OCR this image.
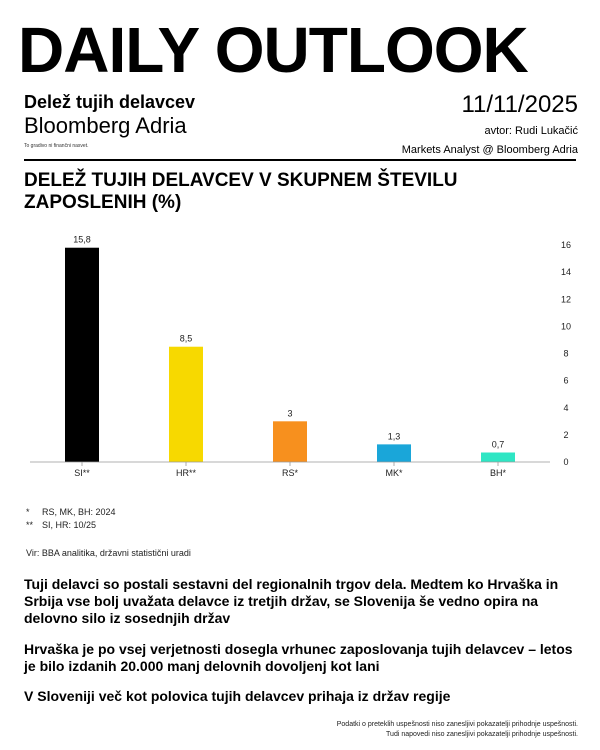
DAILY OUTLOOK
Delež tujih delavcev
Bloomberg Adria
To gradivo ni finančni nasvet.
11/11/2025
avtor: Rudi Lukačić
Markets Analyst @ Bloomberg Adria
DELEŽ TUJIH DELAVCEV V SKUPNEM ŠTEVILU ZAPOSLENIH (%)
0
2
4
6
8
10
12
14
16
15,8
SI**
8,5
HR**
3
RS*
1,3
MK*
0,7
BH*
*	RS, MK, BH: 2024
** SI, HR: 10/25
Vir: BBA analitika, državni statistični uradi
Tuji delavci so postali sestavni del regionalnih trgov dela. Medtem ko Hrvaška in Srbija vse bolj uvažata delavce iz tretjih držav, se Slovenija še vedno opira na delovno silo iz sosednjih držav
Hrvaška je po vsej verjetnosti dosegla vrhunec zaposlovanja tujih delavcev – letos je bilo izdanih 20.000 manj delovnih dovoljenj kot lani
V Sloveniji več kot polovica tujih delavcev prihaja iz držav regije
Podatki o preteklih uspešnosti niso zanesljivi pokazatelji prihodnje uspešnosti.
Tudi napovedi niso zanesljivi pokazatelji prihodnje uspešnosti.
